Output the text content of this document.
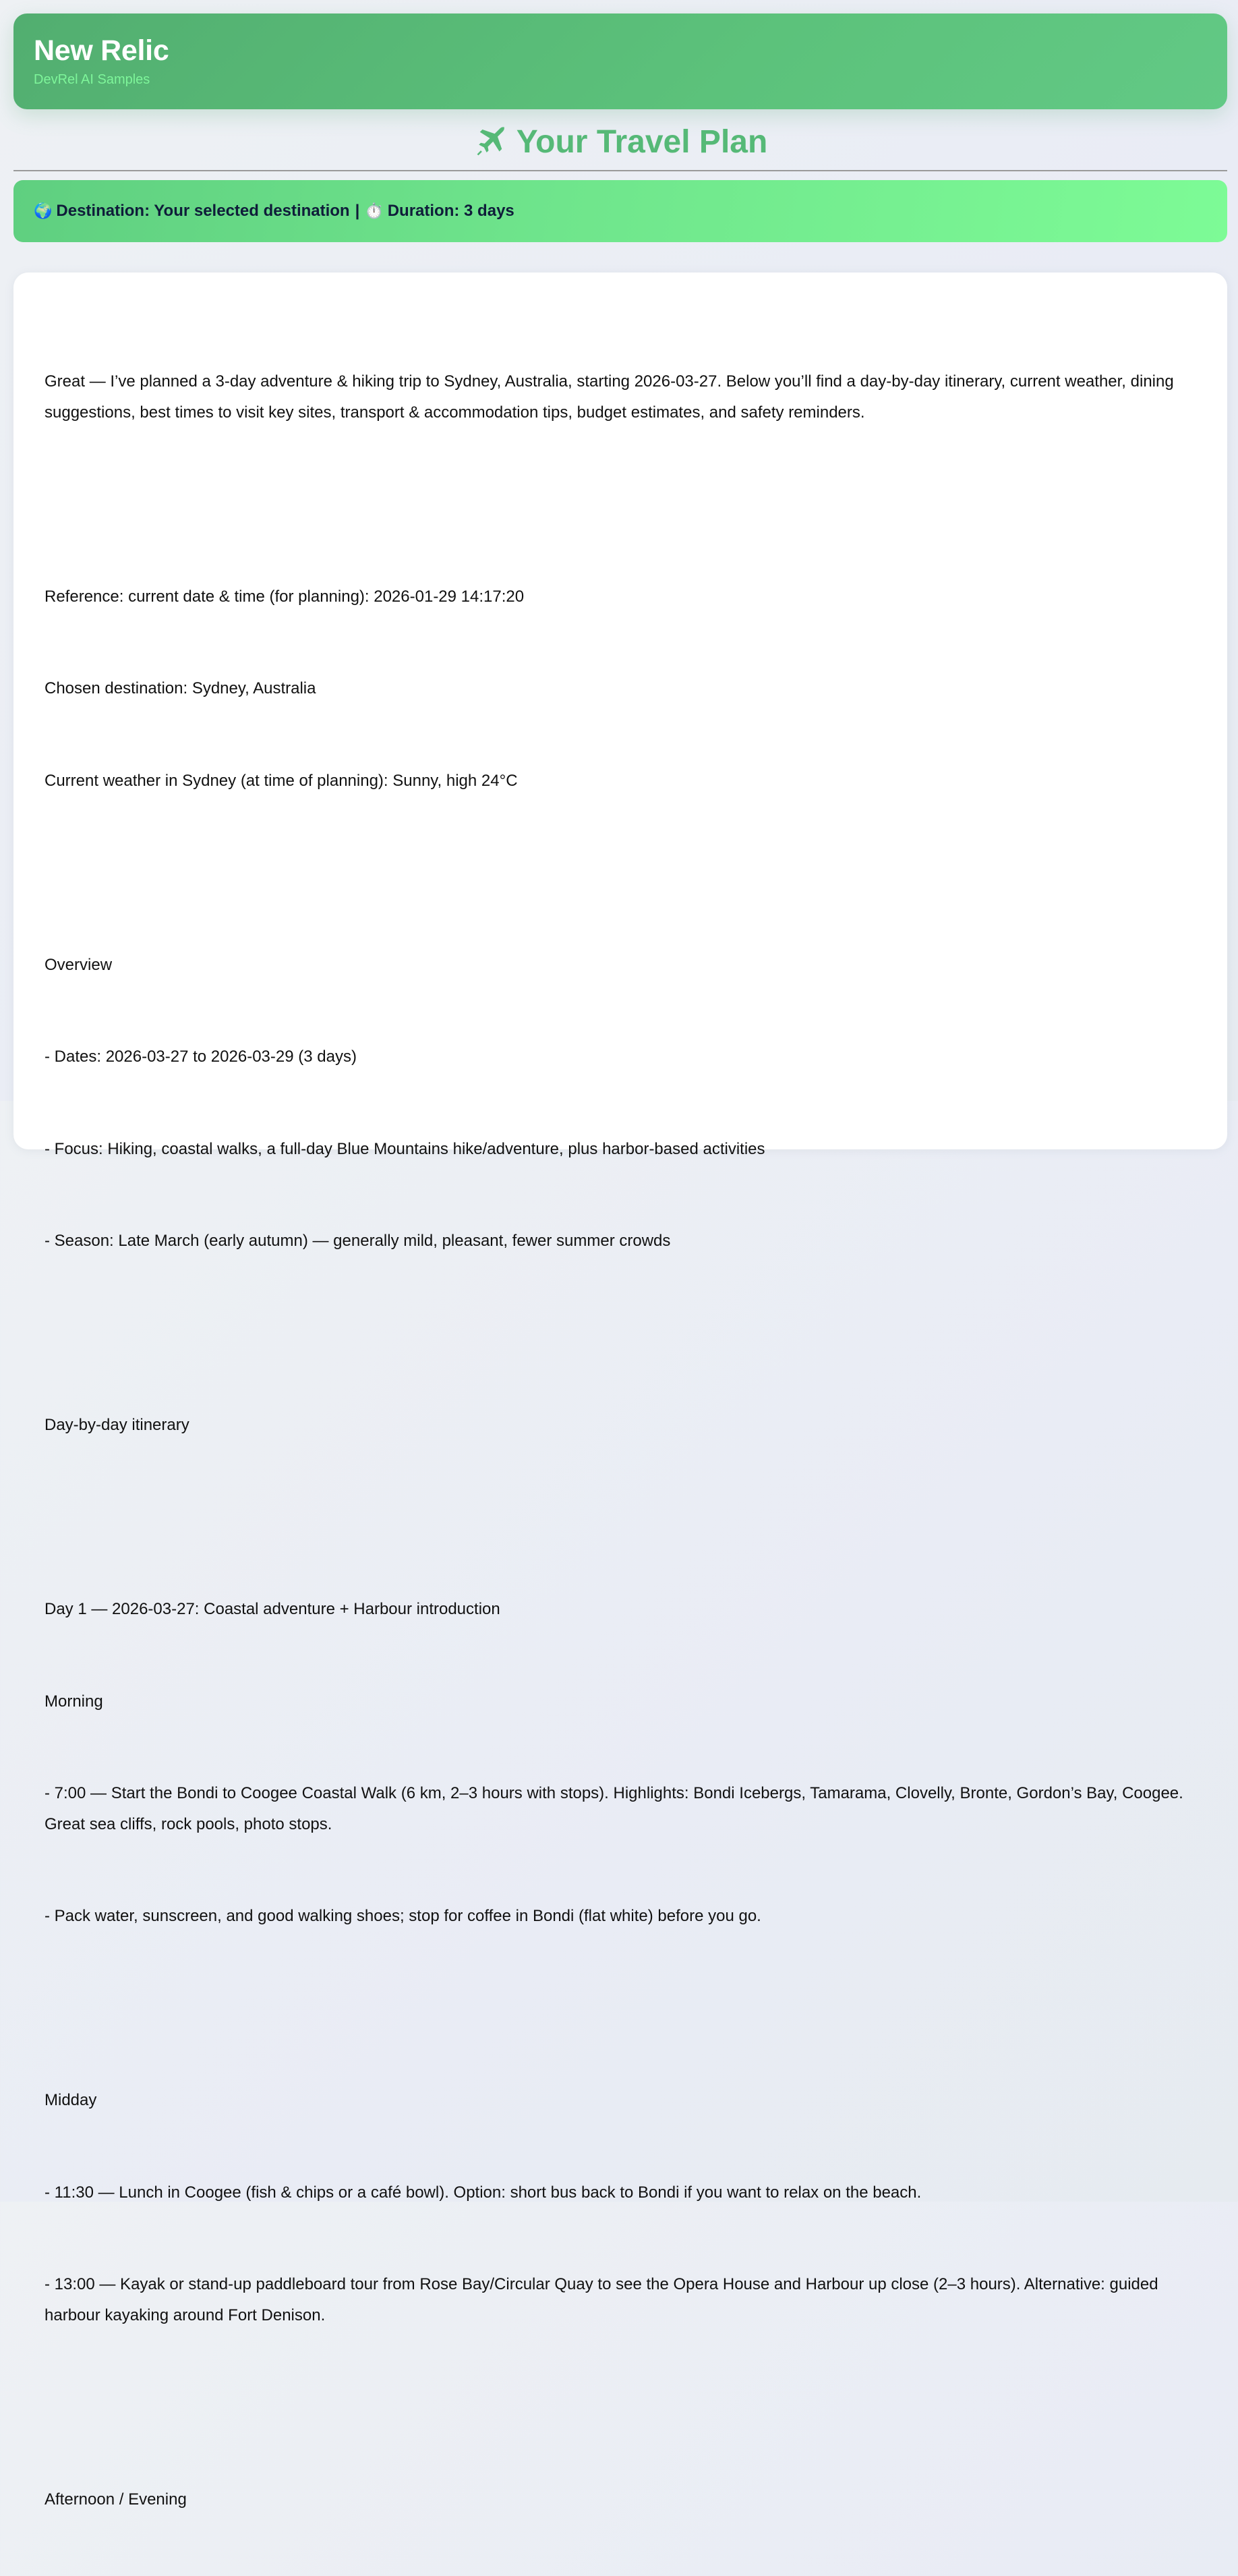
New Relic
DevRel AI Samples
Your Travel Plan
🌍 Destination: Your selected destination | ⏱️ Duration: 3 days

Great — I’ve planned a 3-day adventure & hiking trip to Sydney, Australia, starting 2026-03-27. Below you’ll find a day-by-day itinerary, current weather, dining suggestions, best times to visit key sites, transport & accommodation tips, budget estimates, and safety reminders.

Reference: current date & time (for planning): 2026-01-29 14:17:20

Chosen destination: Sydney, Australia

Current weather in Sydney (at time of planning): Sunny, high 24°C

Overview

- Dates: 2026-03-27 to 2026-03-29 (3 days)

- Focus: Hiking, coastal walks, a full-day Blue Mountains hike/adventure, plus harbor-based activities

- Season: Late March (early autumn) — generally mild, pleasant, fewer summer crowds

Day-by-day itinerary

Day 1 — 2026-03-27: Coastal adventure + Harbour introduction

Morning

- 7:00 — Start the Bondi to Coogee Coastal Walk (6 km, 2–3 hours with stops). Highlights: Bondi Icebergs, Tamarama, Clovelly, Bronte, Gordon’s Bay, Coogee. Great sea cliffs, rock pools, photo stops.

- Pack water, sunscreen, and good walking shoes; stop for coffee in Bondi (flat white) before you go.

Midday

- 11:30 — Lunch in Coogee (fish & chips or a café bowl). Option: short bus back to Bondi if you want to relax on the beach.

- 13:00 — Kayak or stand-up paddleboard tour from Rose Bay/Circular Quay to see the Opera House and Harbour up close (2–3 hours). Alternative: guided harbour kayaking around Fort Denison.

Afternoon / Evening
